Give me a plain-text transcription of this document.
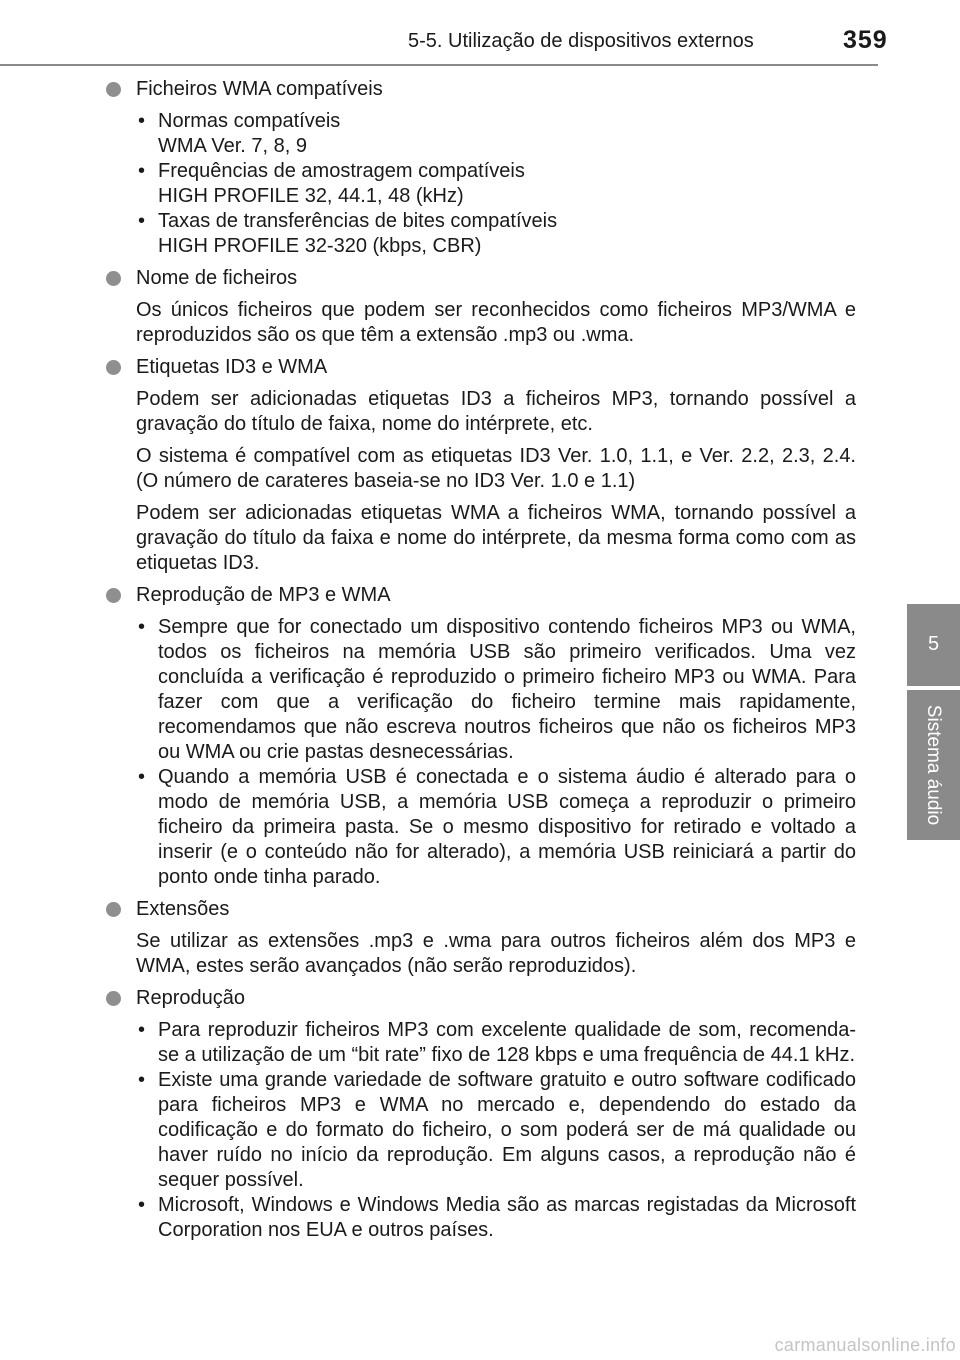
5-5. Utilização de dispositivos externos	359
5
Sistema áudio
Ficheiros WMA compatíveis
• Normas compatíveis
WMA Ver. 7, 8, 9
• Frequências de amostragem compatíveis
HIGH PROFILE 32, 44.1, 48 (kHz)
• Taxas de transferências de bites compatíveis
HIGH PROFILE 32-320 (kbps, CBR)
Nome de ficheiros
Os únicos ficheiros que podem ser reconhecidos como ficheiros MP3/WMA e reproduzidos são os que têm a extensão .mp3 ou .wma.
Etiquetas ID3 e WMA
Podem ser adicionadas etiquetas ID3 a ficheiros MP3, tornando possível a gravação do título de faixa, nome do intérprete, etc.
O sistema é compatível com as etiquetas ID3 Ver. 1.0, 1.1, e Ver. 2.2, 2.3, 2.4. (O número de carateres baseia-se no ID3 Ver. 1.0 e 1.1)
Podem ser adicionadas etiquetas WMA a ficheiros WMA, tornando possível a gravação do título da faixa e nome do intérprete, da mesma forma como com as etiquetas ID3.
Reprodução de MP3 e WMA
• Sempre que for conectado um dispositivo contendo ficheiros MP3 ou WMA, todos os ficheiros na memória USB são primeiro verificados. Uma vez concluída a verificação é reproduzido o primeiro ficheiro MP3 ou WMA. Para fazer com que a verificação do ficheiro termine mais rapidamente, recomendamos que não escreva noutros ficheiros que não os ficheiros MP3 ou WMA ou crie pastas desnecessárias.
• Quando a memória USB é conectada e o sistema áudio é alterado para o modo de memória USB, a memória USB começa a reproduzir o primeiro ficheiro da primeira pasta. Se o mesmo dispositivo for retirado e voltado a inserir (e o conteúdo não for alterado), a memória USB reiniciará a partir do ponto onde tinha parado.
Extensões
Se utilizar as extensões .mp3 e .wma para outros ficheiros além dos MP3 e WMA, estes serão avançados (não serão reproduzidos).
Reprodução
• Para reproduzir ficheiros MP3 com excelente qualidade de som, recomenda-se a utilização de um “bit rate” fixo de 128 kbps e uma frequência de 44.1 kHz.
• Existe uma grande variedade de software gratuito e outro software codificado para ficheiros MP3 e WMA no mercado e, dependendo do estado da codificação e do formato do ficheiro, o som poderá ser de má qualidade ou haver ruído no início da reprodução. Em alguns casos, a reprodução não é sequer possível.
• Microsoft, Windows e Windows Media são as marcas registadas da Microsoft Corporation nos EUA e outros países.
carmanualsonline.info
